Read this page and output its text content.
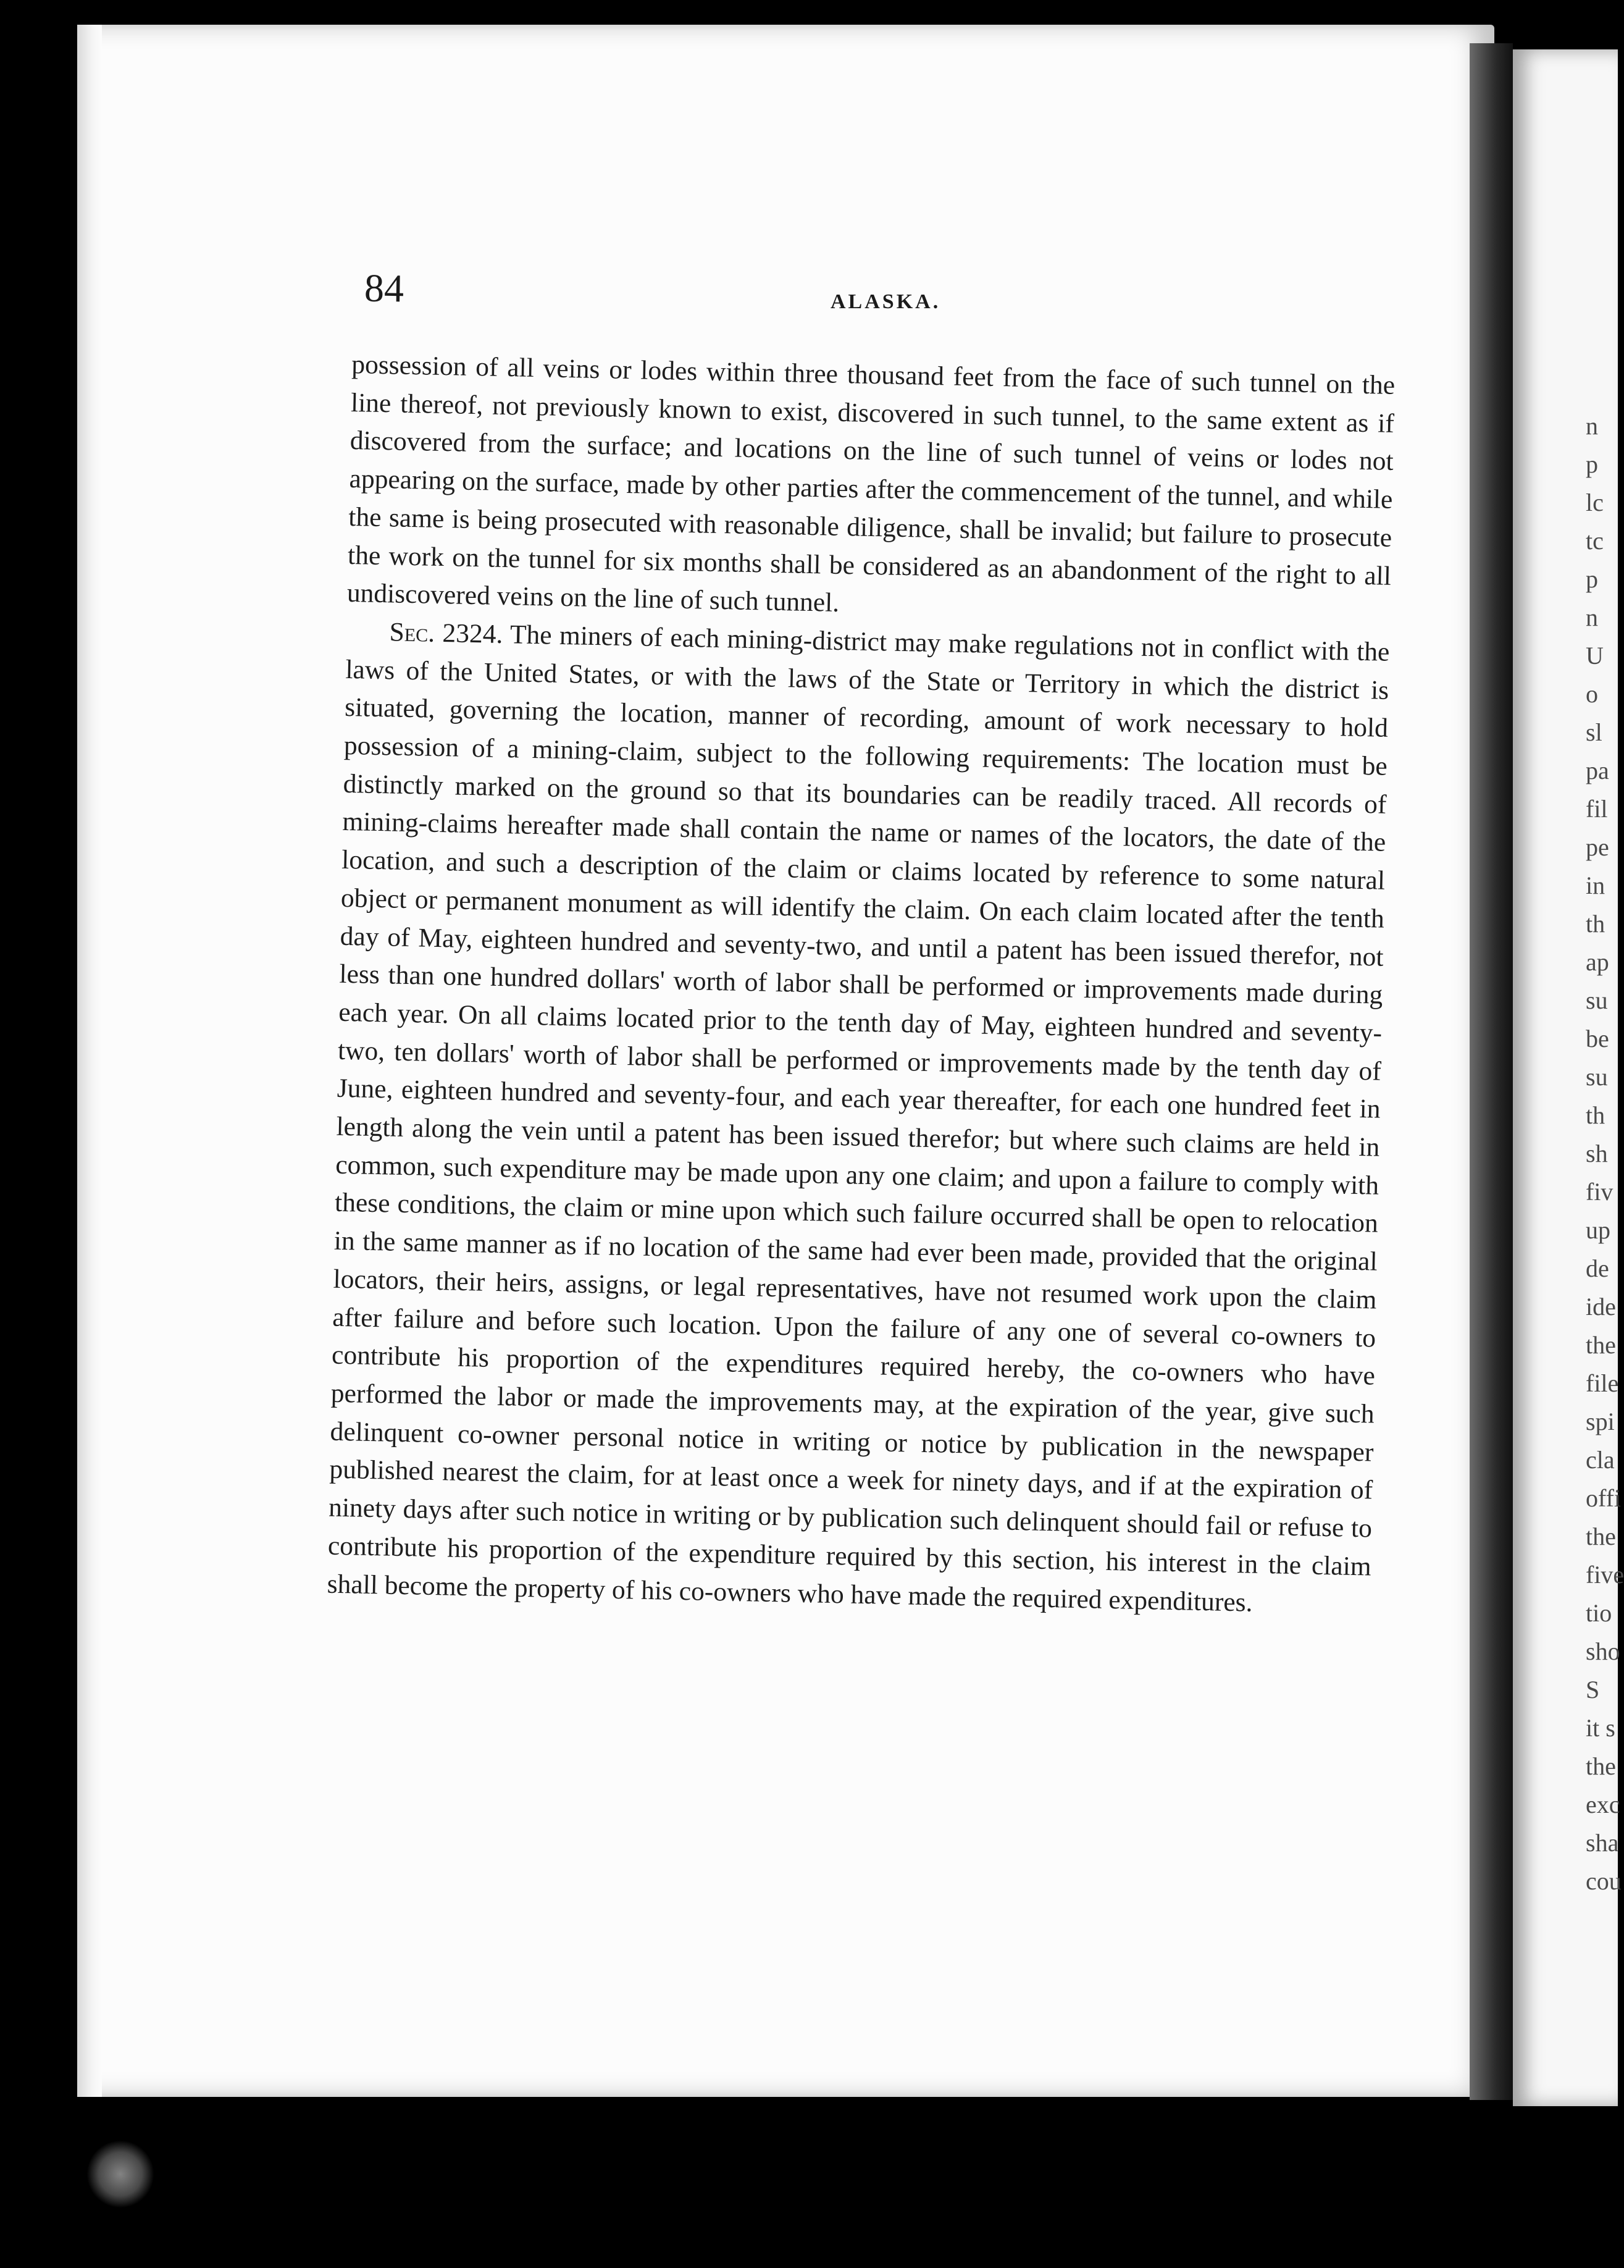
n
p
lc
tc
p
n
U
o
sl
pa
fil
pe
in
th
ap
su
be
su
th
sh
fiv
up
de
ide
the
file
spi
cla
offi
the
five
tio
sho
S
it s
the
exc
sha
cou
84	ALASKA.

possession of all veins or lodes within three thousand feet from the face of such tunnel on the line thereof, not previously known to exist, discovered in such tunnel, to the same extent as if discovered from the surface; and locations on the line of such tunnel of veins or lodes not appearing on the surface, made by other parties after the commencement of the tunnel, and while the same is being prosecuted with reasonable diligence, shall be invalid; but failure to prosecute the work on the tunnel for six months shall be considered as an abandonment of the right to all undiscovered veins on the line of such tunnel.

Sec. 2324. The miners of each mining-district may make regulations not in conflict with the laws of the United States, or with the laws of the State or Territory in which the district is situated, governing the location, manner of recording, amount of work necessary to hold possession of a mining-claim, subject to the following requirements: The location must be distinctly marked on the ground so that its boundaries can be readily traced. All records of mining-claims hereafter made shall contain the name or names of the locators, the date of the location, and such a description of the claim or claims located by reference to some natural object or permanent monument as will identify the claim. On each claim located after the tenth day of May, eighteen hundred and seventy-two, and until a patent has been issued therefor, not less than one hundred dollars' worth of labor shall be performed or improvements made during each year. On all claims located prior to the tenth day of May, eighteen hundred and seventy-two, ten dollars' worth of labor shall be performed or improvements made by the tenth day of June, eighteen hundred and seventy-four, and each year thereafter, for each one hundred feet in length along the vein until a patent has been issued therefor; but where such claims are held in common, such expenditure may be made upon any one claim; and upon a failure to comply with these conditions, the claim or mine upon which such failure occurred shall be open to relocation in the same manner as if no location of the same had ever been made, provided that the original locators, their heirs, assigns, or legal representatives, have not resumed work upon the claim after failure and before such location. Upon the failure of any one of several co-owners to contribute his proportion of the expenditures required hereby, the co-owners who have performed the labor or made the improvements may, at the expiration of the year, give such delinquent co-owner personal notice in writing or notice by publication in the newspaper published nearest the claim, for at least once a week for ninety days, and if at the expiration of ninety days after such notice in writing or by publication such delinquent should fail or refuse to contribute his proportion of the expenditure required by this section, his interest in the claim shall become the property of his co-owners who have made the required expenditures.
